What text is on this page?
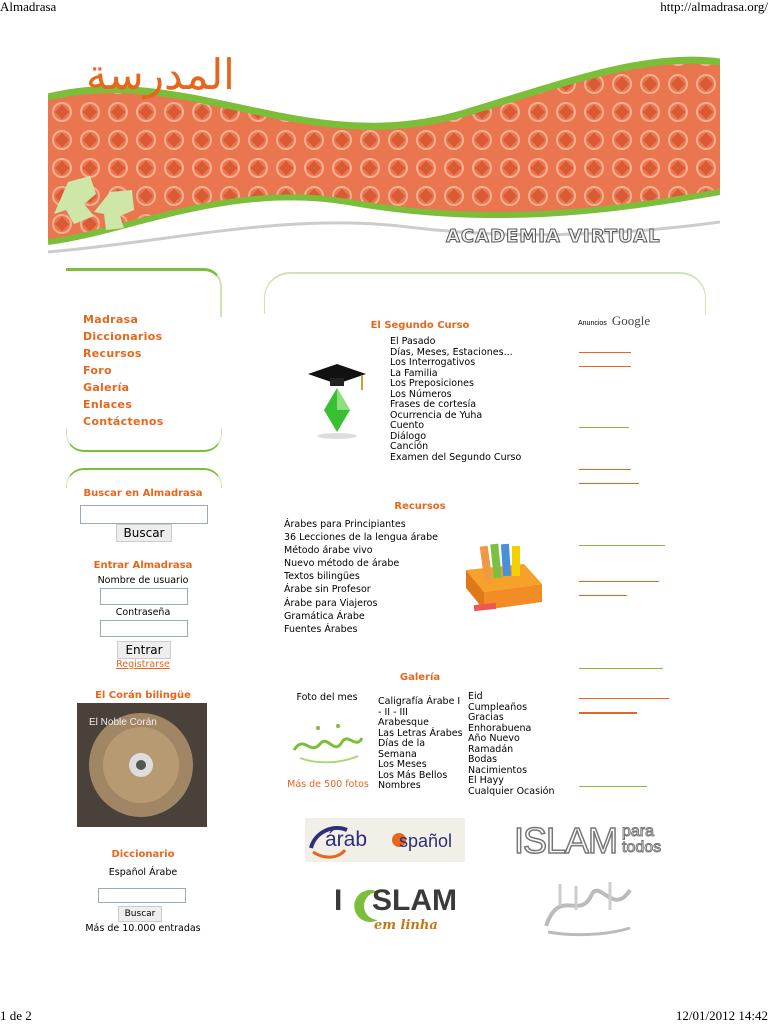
Almadrasa	http://almadrasa.org/
المدرسة
ACADEMIA VIRTUAL
Madrasa
Diccionarios
Recursos
Foro
Galería
Enlaces
Contáctenos
Buscar en Almadrasa
Buscar
Entrar Almadrasa
Nombre de usuario
Contraseña
Entrar
Registrarse
El Corán bilingüe
El Noble Corán
Diccionario
Español Árabe
Buscar
Más de 10.000 entradas
El Segundo Curso
El Pasado
Días, Meses, Estaciones...
Los Interrogativos
La Familia
Los Preposiciones
Los Números
Frases de cortesía
Ocurrencia de Yuha
Cuento
Diálogo
Canción
Examen del Segundo Curso
Recursos
Árabes para Principiantes
36 Lecciones de la lengua árabe
Método árabe vivo
Nuevo método de árabe
Textos bilingües
Árabe sin Profesor
Árabe para Viajeros
Gramática Árabe
Fuentes Árabes
Galería
Foto del mes
Más de 500 fotos
Caligrafía Árabe I - II - III
Arabesque
Las Letras Árabes
Días de la Semana
Los Meses
Los Más Bellos Nombres
Eid
Cumpleaños
Gracias
Enhorabuena
Año Nuevo
Ramadán
Bodas
Nacimientos
El Hayy
Cualquier Ocasión
Anuncios Google
árab spañol ISLAM para
todos
I SLAM
em linha
1 de 2	12/01/2012 14:42
